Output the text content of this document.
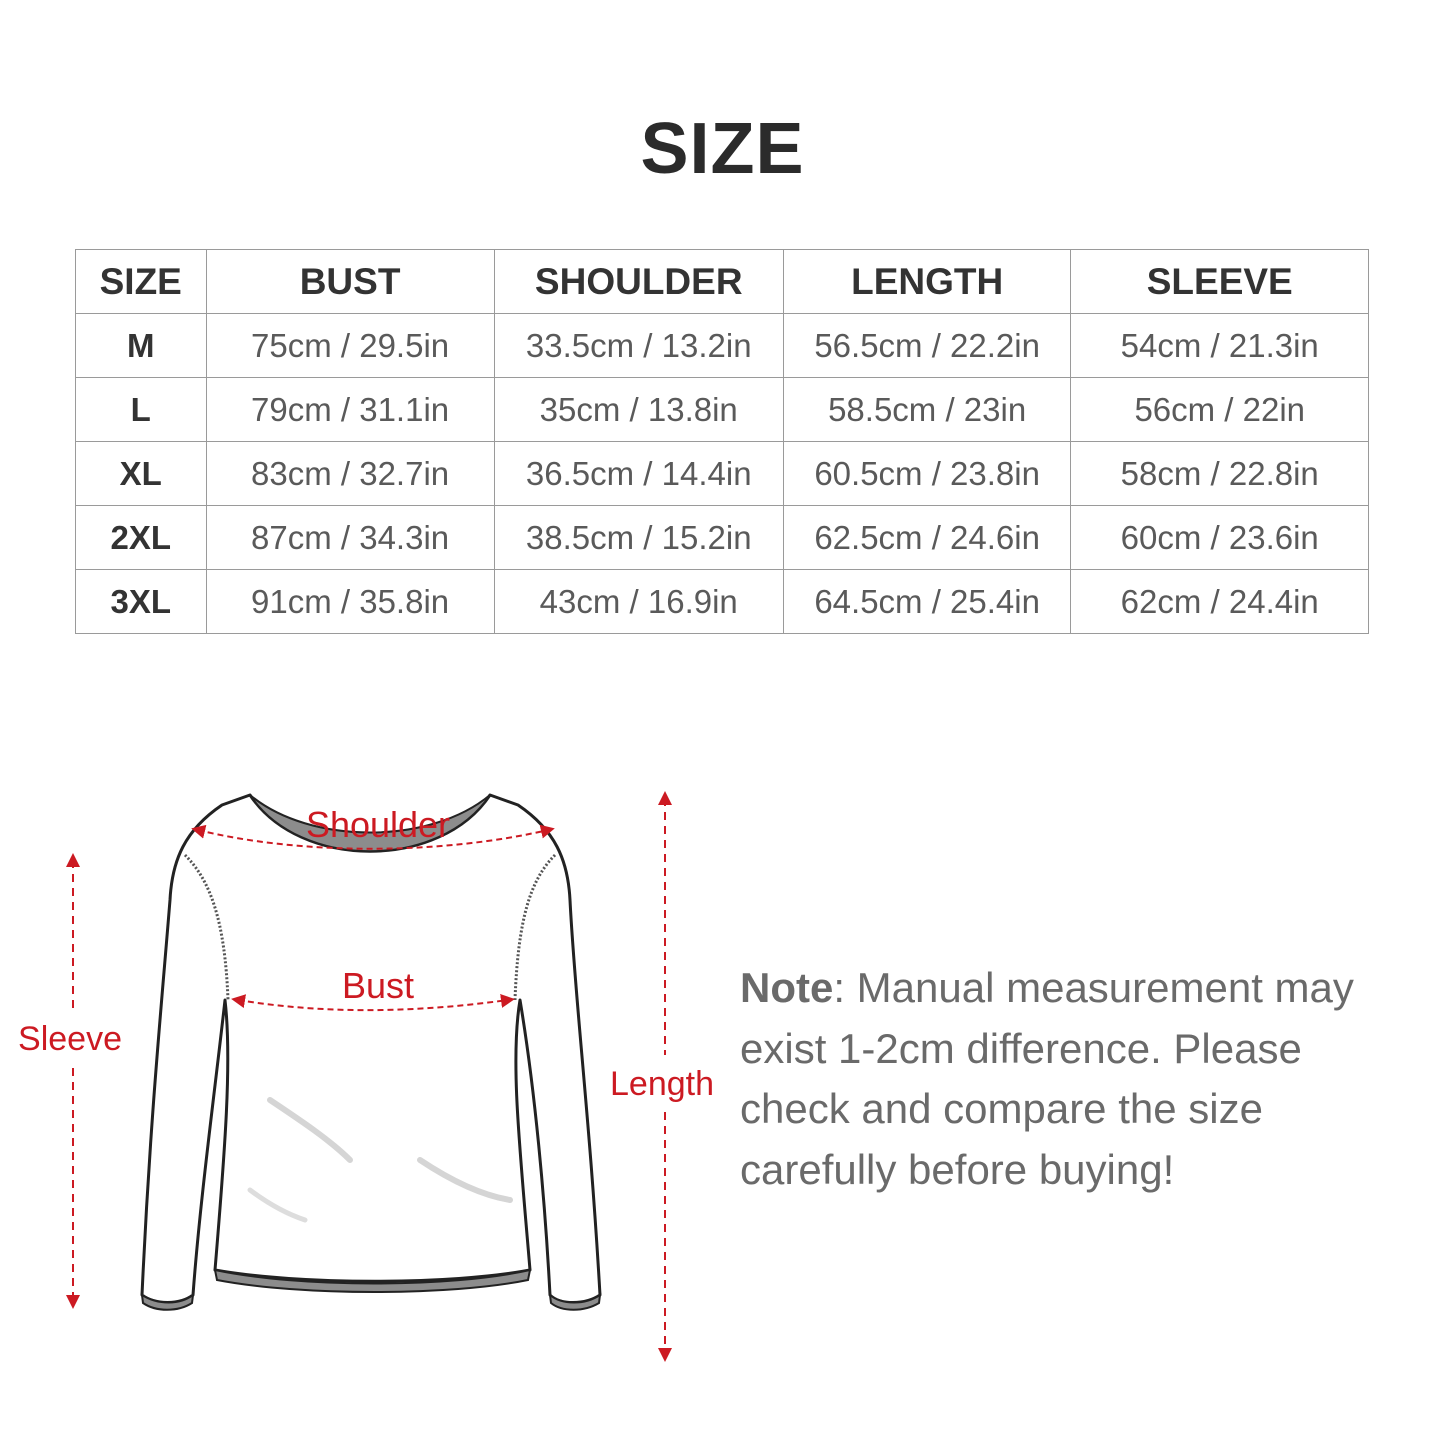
SIZE
SIZE	BUST	SHOULDER	LENGTH	SLEEVE
M	75cm / 29.5in	33.5cm / 13.2in	56.5cm / 22.2in	54cm / 21.3in
L	79cm / 31.1in	35cm / 13.8in	58.5cm / 23in	56cm / 22in
XL	83cm / 32.7in	36.5cm / 14.4in	60.5cm / 23.8in	58cm / 22.8in
2XL	87cm / 34.3in	38.5cm / 15.2in	62.5cm / 24.6in	60cm / 23.6in
3XL	91cm / 35.8in	43cm / 16.9in	64.5cm / 25.4in	62cm / 24.4in
Shoulder
Bust
Sleeve
Length

Note: Manual measurement may exist 1-2cm difference. Please check and compare the size carefully before buying!
